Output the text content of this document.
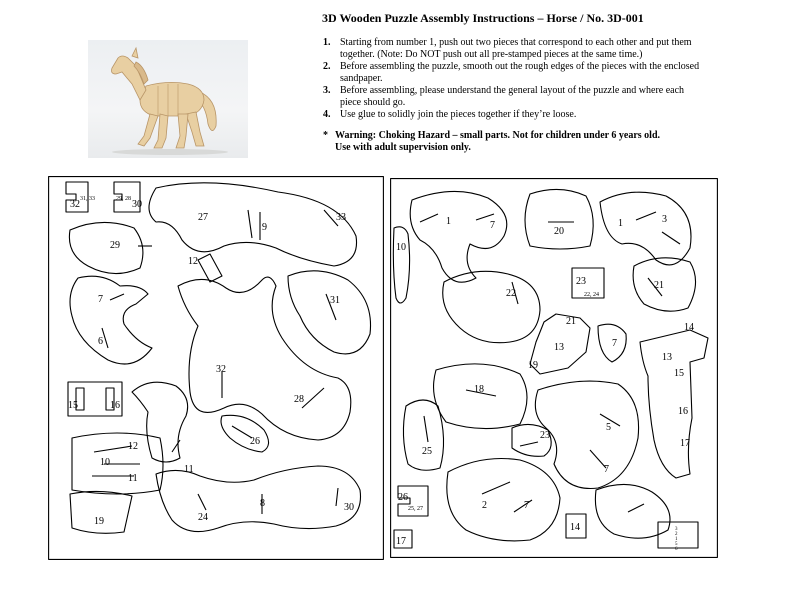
3D Wooden Puzzle Assembly Instructions – Horse / No. 3D-001
1. Starting from number 1, push out two pieces that correspond to each other and put them together. (Note: Do NOT push out all pre-stamped pieces at the same time.)
2. Before assembling the puzzle, smooth out the rough edges of the pieces with the enclosed sandpaper.
3. Before assembling, please understand the general layout of the puzzle and where each piece should go.
4. Use glue to solidly join the pieces together if they’re loose.
* Warning: Choking Hazard – small parts. Not for children under 6 years old.
Use with adult supervision only.
32 31, 33	29, 28 30
27
9
33
29
12
7	31
6
32
15	16
28
26
12
10
11
11
8	30
24
19
10
1	7
20
1	3
22
23
22, 24
21
21
13
19
7
14
13
15
18
16
5
23
17
25
7
26
25, 27	2	7
14
17
3
2
1
5
6
